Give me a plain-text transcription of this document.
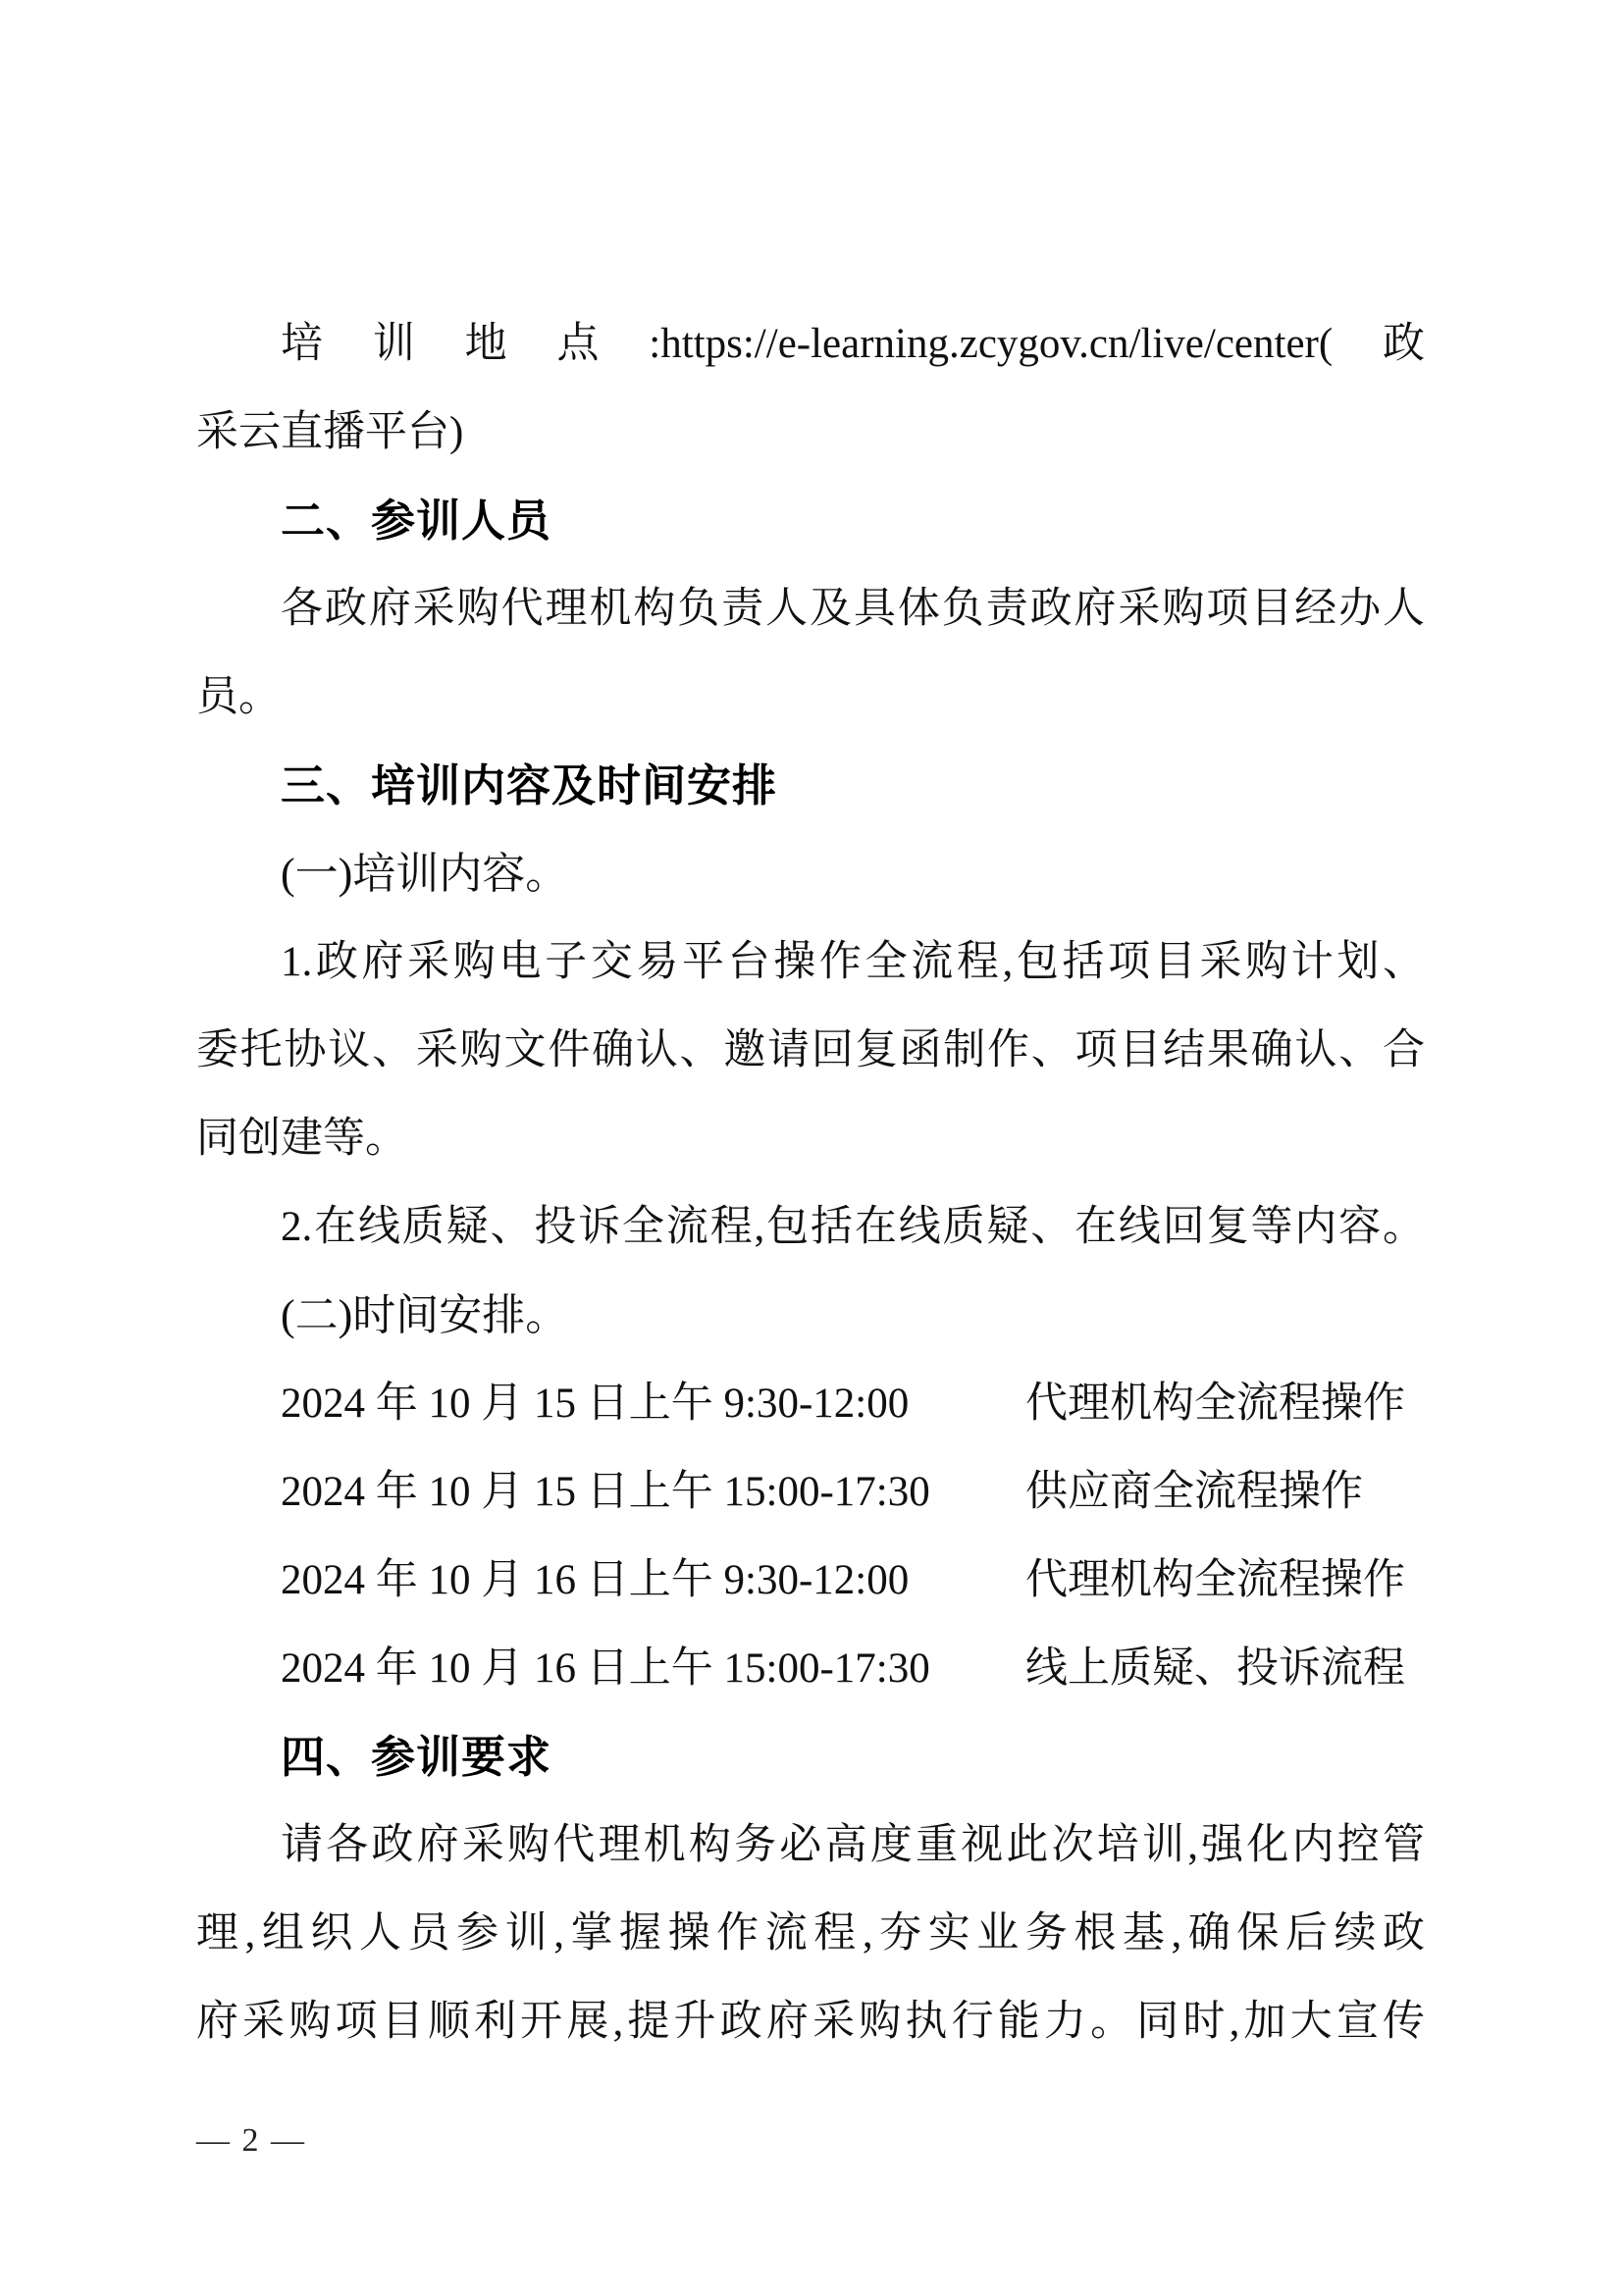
培训地点:https://e-learning.zcygov.cn/live/center(政
采云直播平台)
二、参训人员
各政府采购代理机构负责人及具体负责政府采购项目经办人
员。
三、培训内容及时间安排
(一)培训内容。
1.政府采购电子交易平台操作全流程,包括项目采购计划、
委托协议、采购文件确认、邀请回复函制作、项目结果确认、合
同创建等。
2.在线质疑、投诉全流程,包括在线质疑、在线回复等内容。
(二)时间安排。
2024 年 10 月 15 日上午 9:30-12:00	代理机构全流程操作
2024 年 10 月 15 日上午 15:00-17:30 供应商全流程操作
2024 年 10 月 16 日上午 9:30-12:00	代理机构全流程操作
2024 年 10 月 16 日上午 15:00-17:30 线上质疑、投诉流程
四、参训要求
请各政府采购代理机构务必高度重视此次培训,强化内控管
理,组织人员参训,掌握操作流程,夯实业务根基,确保后续政
府采购项目顺利开展,提升政府采购执行能力。同时,加大宣传
— 2 —
